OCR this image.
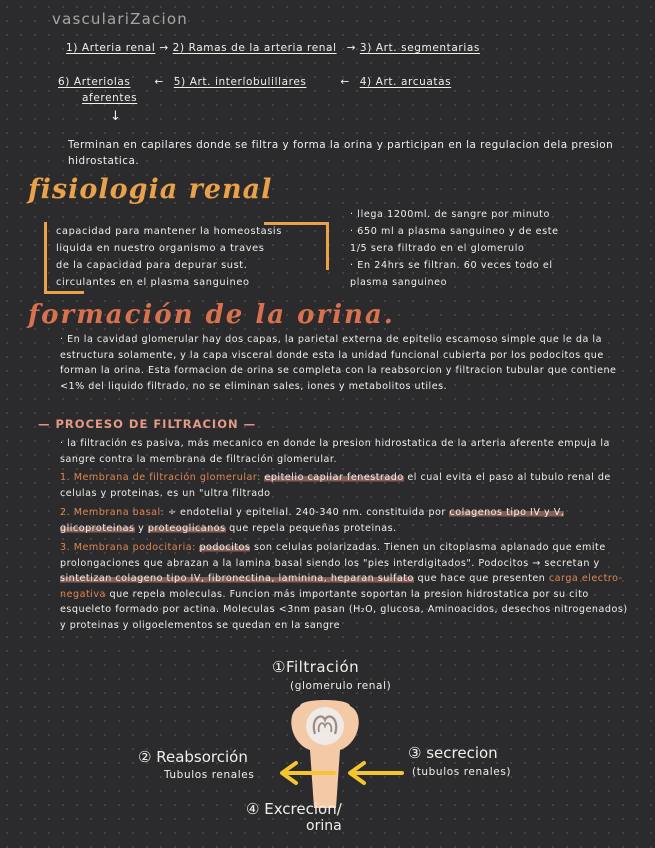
vasculariZacion
1) Arteria renal → 2) Ramas de la arteria renal → 3) Art. segmentarias
6) Arteriolas ← 5) Art. interlobulillares	← 4) Art. arcuatas
aferentes
↓
Terminan en capilares donde se filtra y forma la orina y participan en la regulacion dela presion hidrostatica.
fisiologia renal
capacidad para mantener la homeostasis
liquida en nuestro organismo a traves
de la capacidad para depurar sust.
circulantes en el plasma sanguineo
· llega 1200ml. de sangre por minuto
· 650 ml a plasma sanguineo y de este
1/5 sera filtrado en el glomerulo
· En 24hrs se filtran. 60 veces todo el
plasma sanguineo
formación de la orina.
· En la cavidad glomerular hay dos capas, la parietal externa de epitelio escamoso simple que le da la estructura solamente, y la capa visceral donde esta la unidad funcional cubierta por los podocitos que forman la orina. Esta formacion de orina se completa con la reabsorcion y filtracion tubular que contiene <1% del liquido filtrado, no se eliminan sales, iones y metabolitos utiles.
— PROCESO DE FILTRACION —
· la filtración es pasiva, más mecanico en donde la presion hidrostatica de la arteria aferente empuja la sangre contra la membrana de filtración glomerular.
1. Membrana de filtración glomerular: epitelio capilar fenestrado el cual evita el paso al tubulo renal de celulas y proteinas. es un "ultra filtrado
2. Membrana basal: ÷ endotelial y epitelial. 240-340 nm. constituida por colagenos tipo IV y V, glicoproteinas y proteoglicanos que repela pequeñas proteinas.
3. Membrana podocitaria: podocitos son celulas polarizadas. Tienen un citoplasma aplanado que emite prolongaciones que abrazan a la lamina basal siendo los "pies interdigitados". Podocitos → secretan y sintetizan colageno tipo IV, fibronectina, laminina, heparan sulfato que hace que presenten carga electro-negativa que repela moleculas. Funcion más importante soportan la presion hidrostatica por su cito esqueleto formado por actina. Moleculas <3nm pasan (H₂O, glucosa, Aminoacidos, desechos nitrogenados) y proteinas y oligoelementos se quedan en la sangre
①Filtración
(glomerulo renal)
② Reabsorción
Tubulos renales
③ secrecion
(tubulos renales)
④ Excrecion/
orina
